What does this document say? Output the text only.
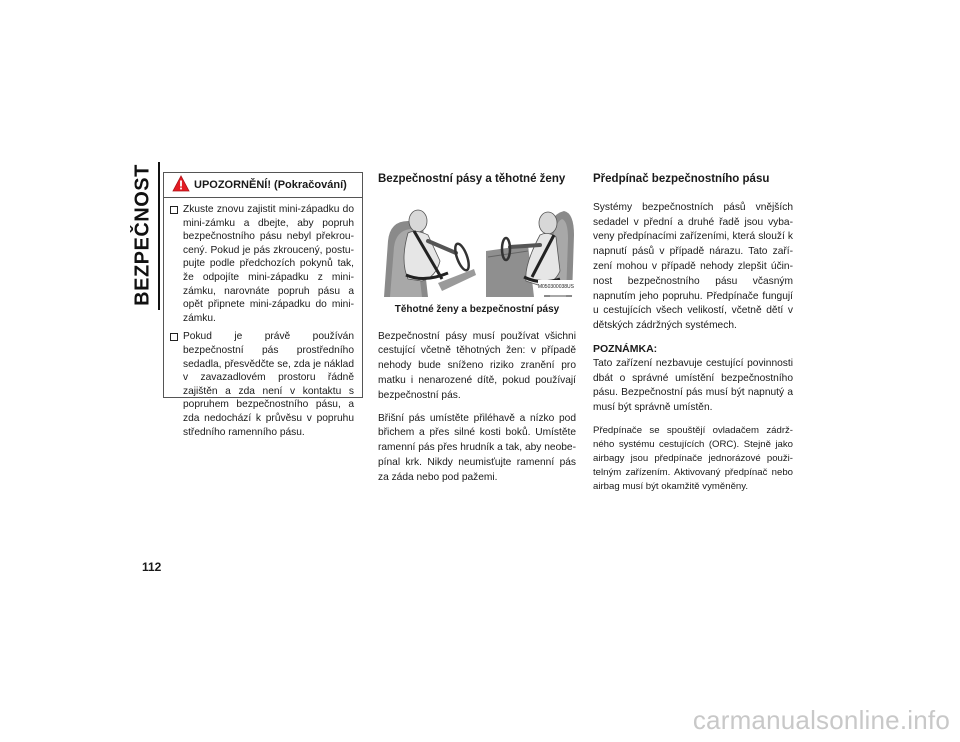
BEZPEČNOST	UPOZORNĚNÍ! (Pokračování)
Zkuste znovu zajistit mini-západku do mini-zámku a dbejte, aby popruh bezpečnostního pásu nebyl překrou- cený. Pokud je pás zkroucený, postu- pujte podle předchozích pokynů tak, že odpojíte mini-západku z mini-zámku, narovnáte popruh pásu a opět připnete mini-západku do mini-zámku.
Pokud je právě používán bezpečnostní pás prostředního sedadla, přesvědčte se, zda je náklad v zavazadlovém prostoru řádně zajištěn a zda není v kontaktu s popruhem bezpečnostního pásu, a zda nedochází k průvěsu v popruhu středního ramenního pásu.
Bezpečnostní pásy a těhotné ženy
M050300038US
Těhotné ženy a bezpečnostní pásy

Bezpečnostní pásy musí používat všichni cestující včetně těhotných žen: v případě nehody bude sníženo riziko zranění pro matku i nenarozené dítě, pokud používají bezpečnostní pás.

Břišní pás umístěte přiléhavě a nízko pod břichem a přes silné kosti boků. Umístěte ramenní pás přes hrudník a tak, aby neobe- pínal krk. Nikdy neumisťujte ramenní pás za záda nebo pod pažemi.

Předpínač bezpečnostního pásu

Systémy bezpečnostních pásů vnějších sedadel v přední a druhé řadě jsou vyba- veny předpínacími zařízeními, která slouží k napnutí pásů v případě nárazu. Tato zaří- zení mohou v případě nehody zlepšit účin- nost bezpečnostního pásu včasným napnutím jeho popruhu. Předpínače fungují u cestujících všech velikostí, včetně dětí v dětských zádržných systémech.

POZNÁMKA:

Tato zařízení nezbavuje cestující povinnosti dbát o správné umístění bezpečnostního pásu. Bezpečnostní pás musí být napnutý a musí být správně umístěn.

Předpínače se spouštějí ovladačem zádrž- ného systému cestujících (ORC). Stejně jako airbagy jsou předpínače jednorázové použi- telným zařízením. Aktivovaný předpínač nebo airbag musí být okamžitě vyměněny.

112
carmanualsonline.info
